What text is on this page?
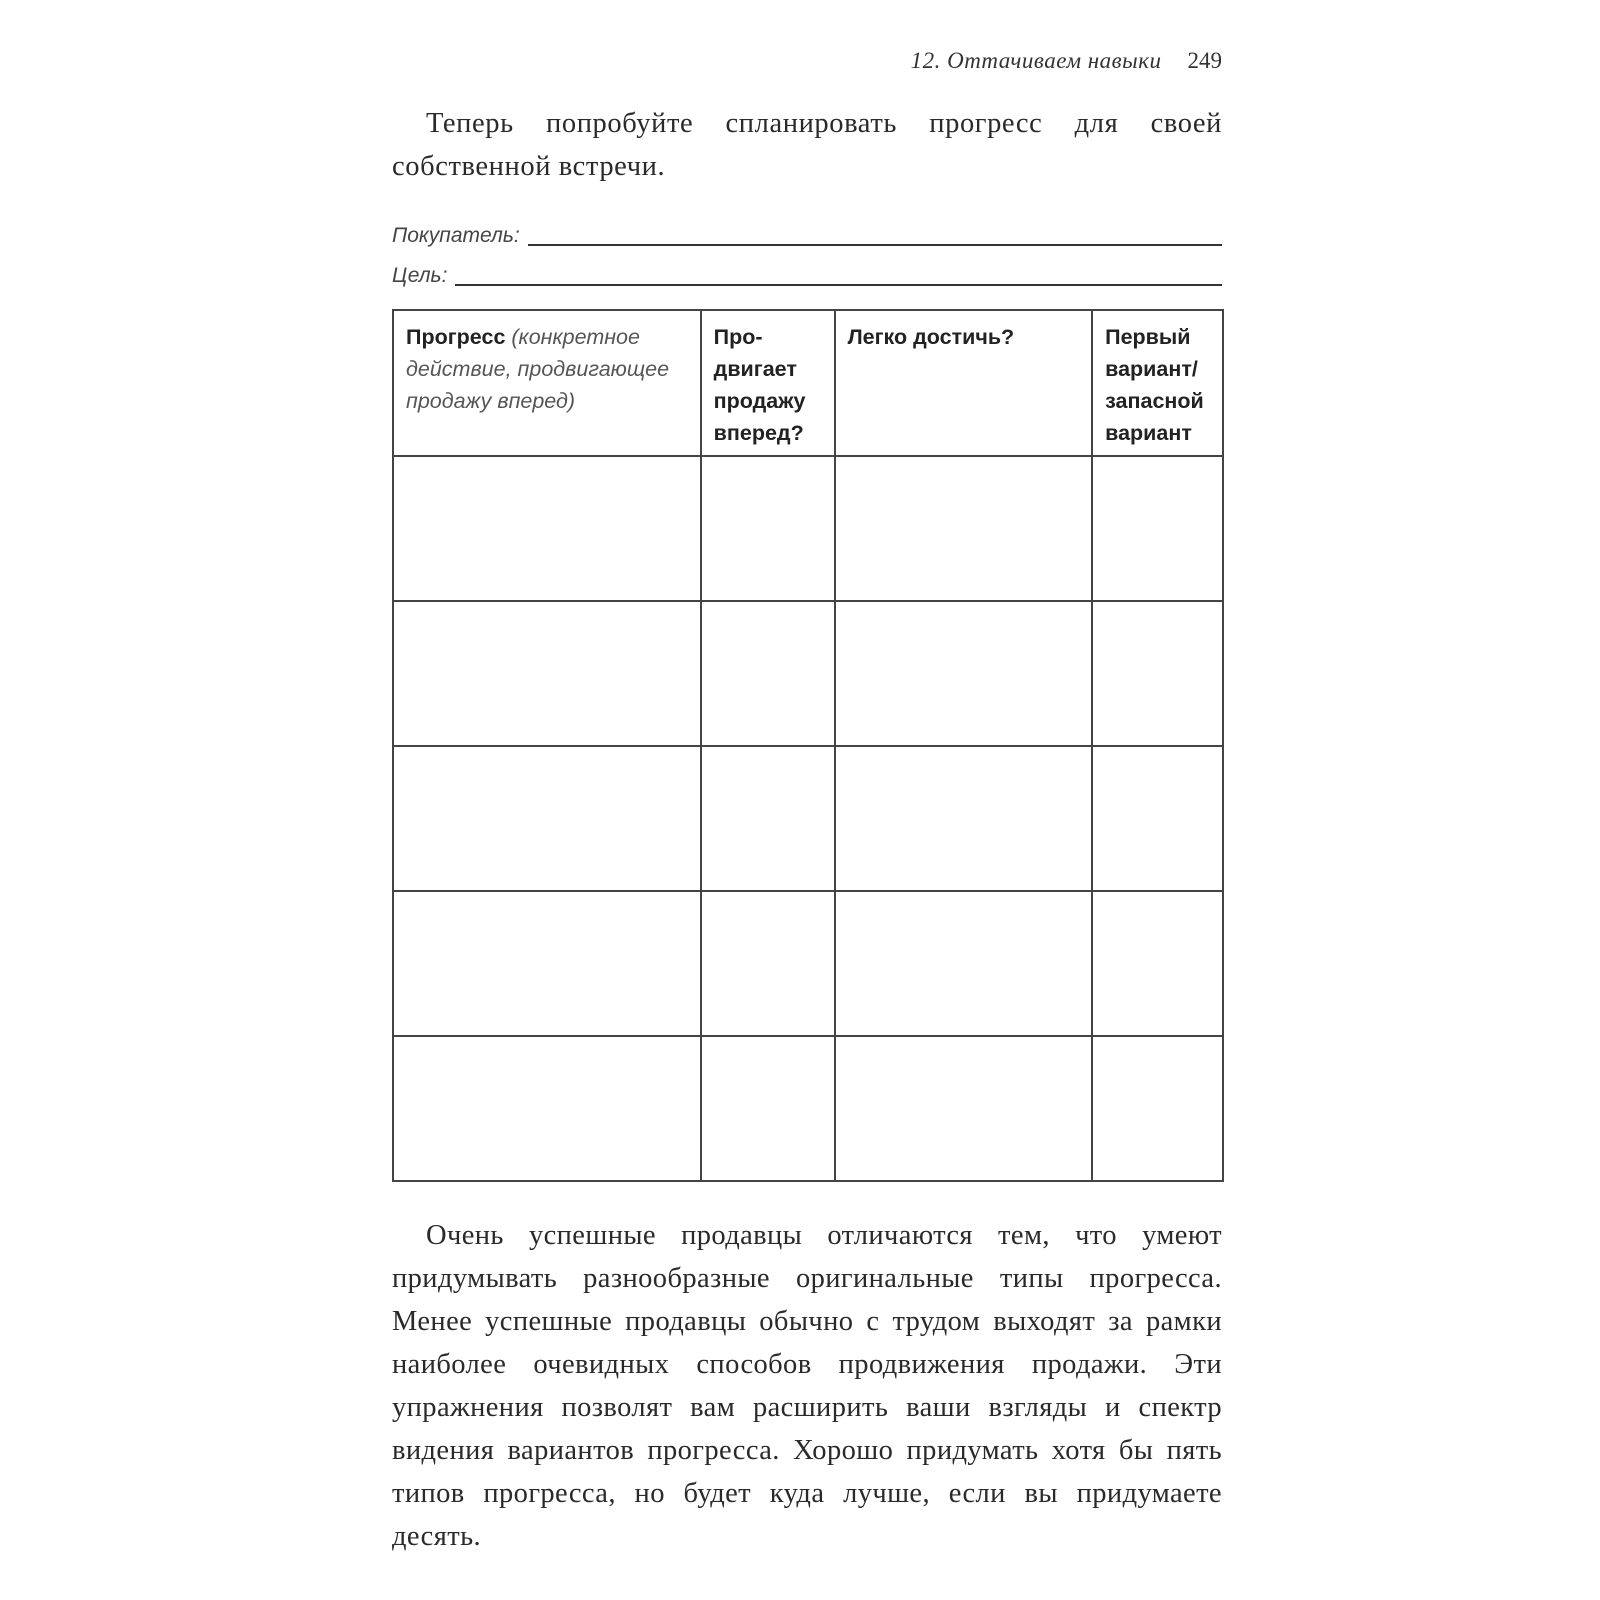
12. Оттачиваем навыки 249

Теперь попробуйте спланировать прогресс для своей собственной встречи.

Покупатель:
Цель:
Прогресс (конкретное действие, продвигающее продажу вперед)	Продвигает продажу вперед?	Легко достичь?	Первый вариант/ запасной вариант

Очень успешные продавцы отличаются тем, что умеют придумывать разнообразные оригинальные типы прогресса. Менее успешные продавцы обычно с трудом выходят за рамки наиболее очевидных способов продвижения продажи. Эти упражнения позволят вам расширить ваши взгляды и спектр видения вариантов прогресса. Хорошо придумать хотя бы пять типов прогресса, но будет куда лучше, если вы придумаете десять.
